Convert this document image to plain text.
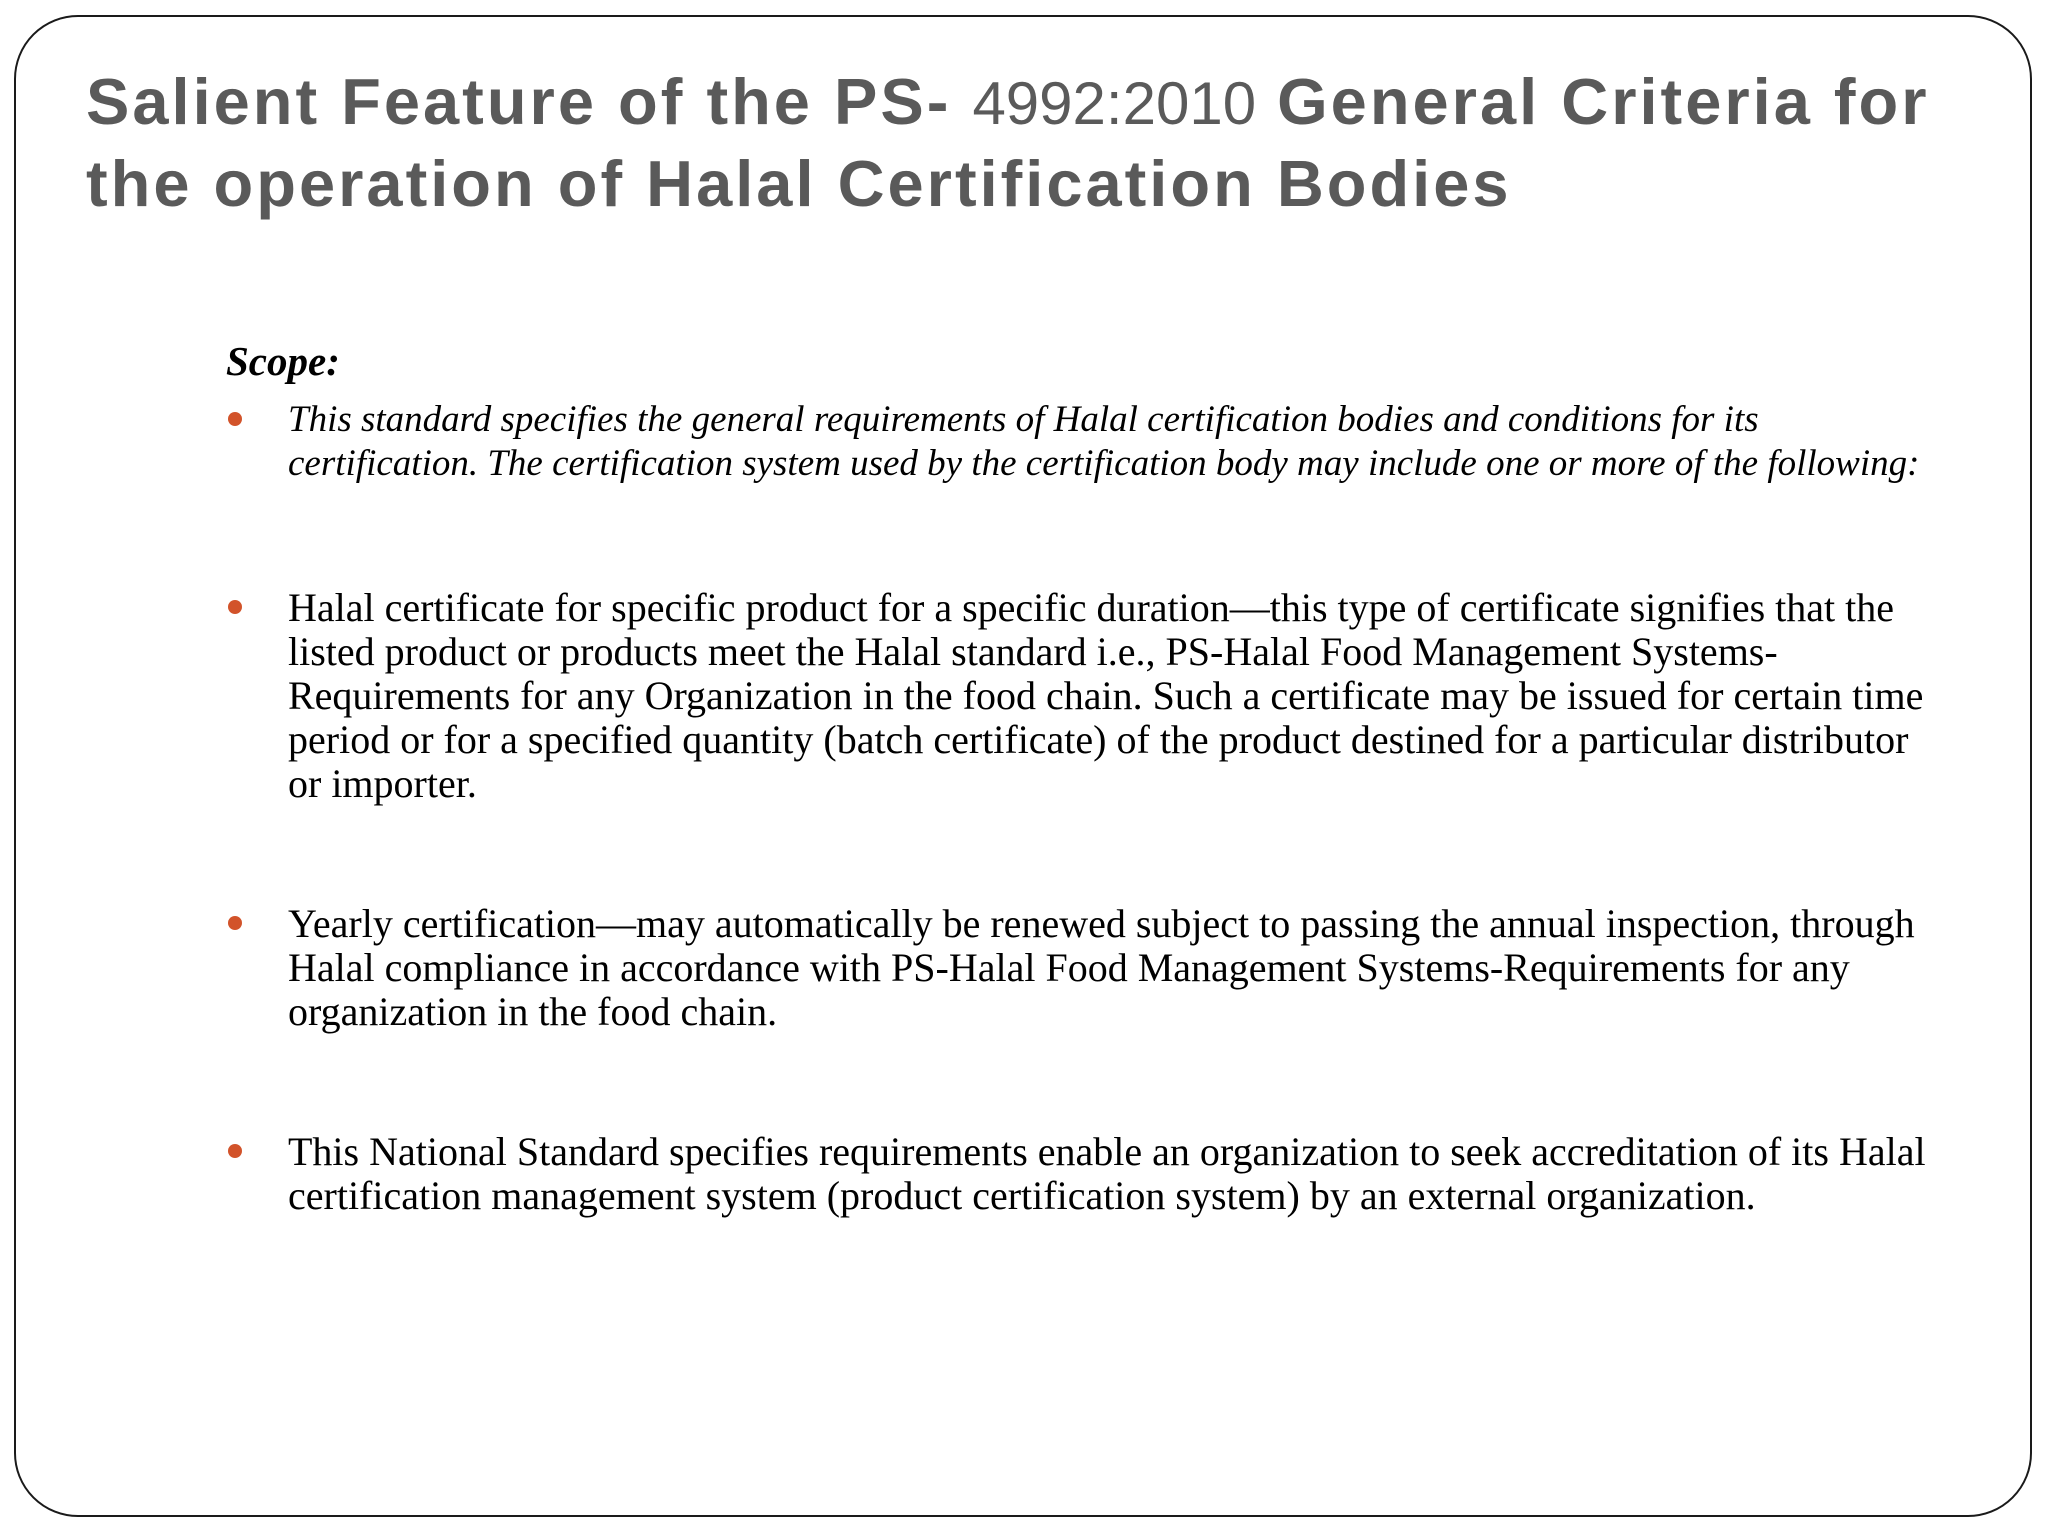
Salient Feature of the PS- 4992:2010 General Criteria for the operation of Halal Certification Bodies

Scope:

This standard specifies the general requirements of Halal certification bodies and conditions for its certification. The certification system used by the certification body may include one or more of the following:
Halal certificate for specific product for a specific duration—this type of certificate signifies that the listed product or products meet the Halal standard i.e., PS-Halal Food Management Systems-Requirements for any Organization in the food chain. Such a certificate may be issued for certain time period or for a specified quantity (batch certificate) of the product destined for a particular distributor or importer.
Yearly certification—may automatically be renewed subject to passing the annual inspection, through Halal compliance in accordance with PS-Halal Food Management Systems-Requirements for any organization in the food chain.
This National Standard specifies requirements enable an organization to seek accreditation of its Halal certification management system (product certification system) by an external organization.
